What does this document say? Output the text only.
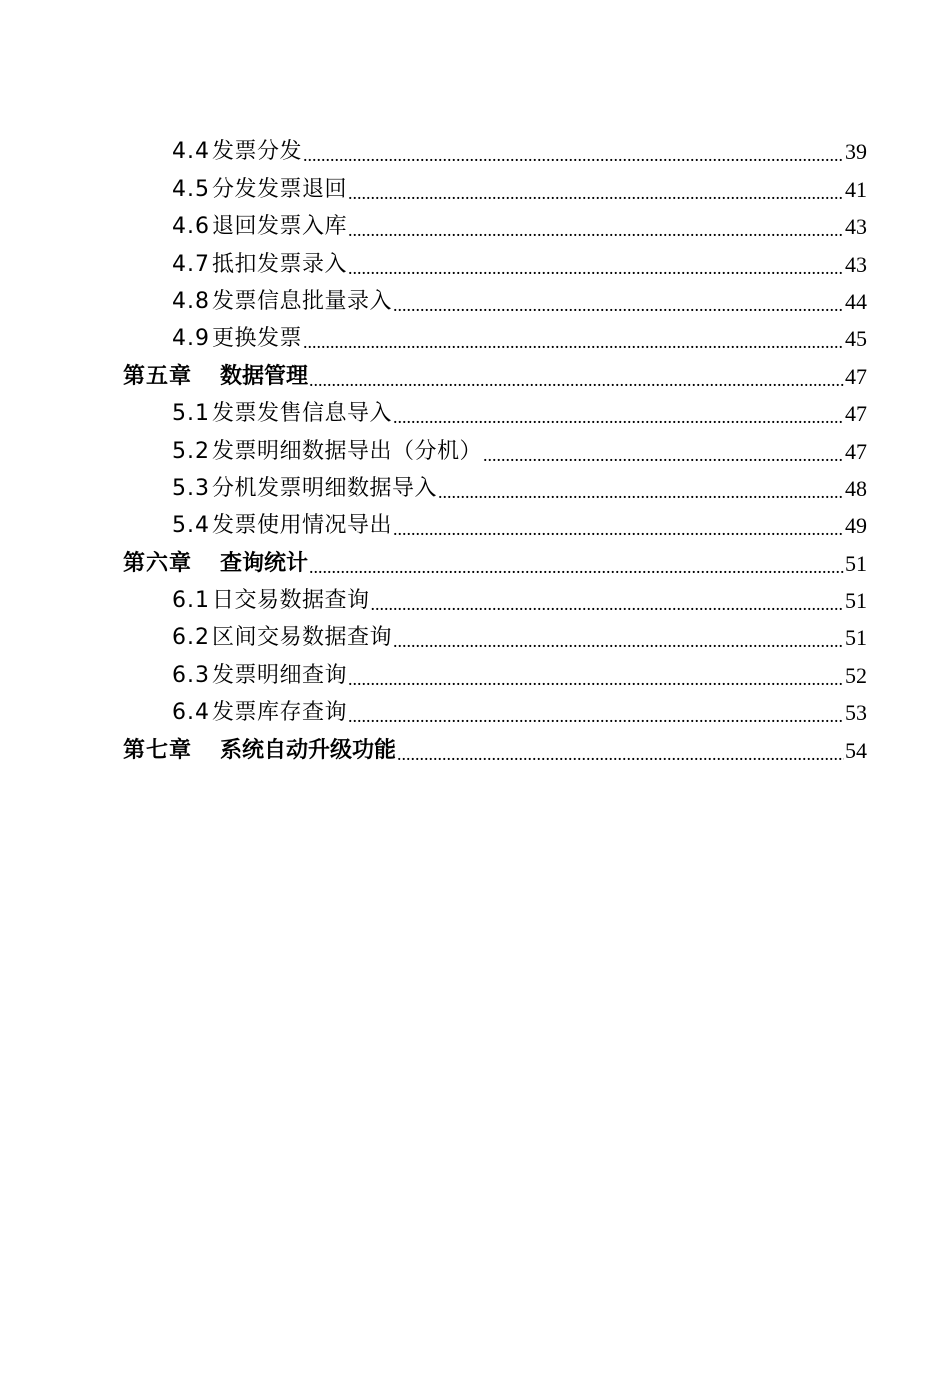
4.4发票分发 .....	39
4.5分发发票退回 .....	41
4.6退回发票入库 .....	43
4.7抵扣发票录入 .....	43
4.8发票信息批量录入 .....	44
4.9更换发票 .....	45
第五章 数据管理 .....	47
5.1发票发售信息导入 .....	47
5.2发票明细数据导出（分机） .....	47
5.3分机发票明细数据导入 .....	48
5.4发票使用情况导出 .....	49
第六章 查询统计 .....	51
6.1日交易数据查询 .....	51
6.2区间交易数据查询 .....	51
6.3发票明细查询 .....	52
6.4发票库存查询 .....	53
第七章 系统自动升级功能 .....	54
